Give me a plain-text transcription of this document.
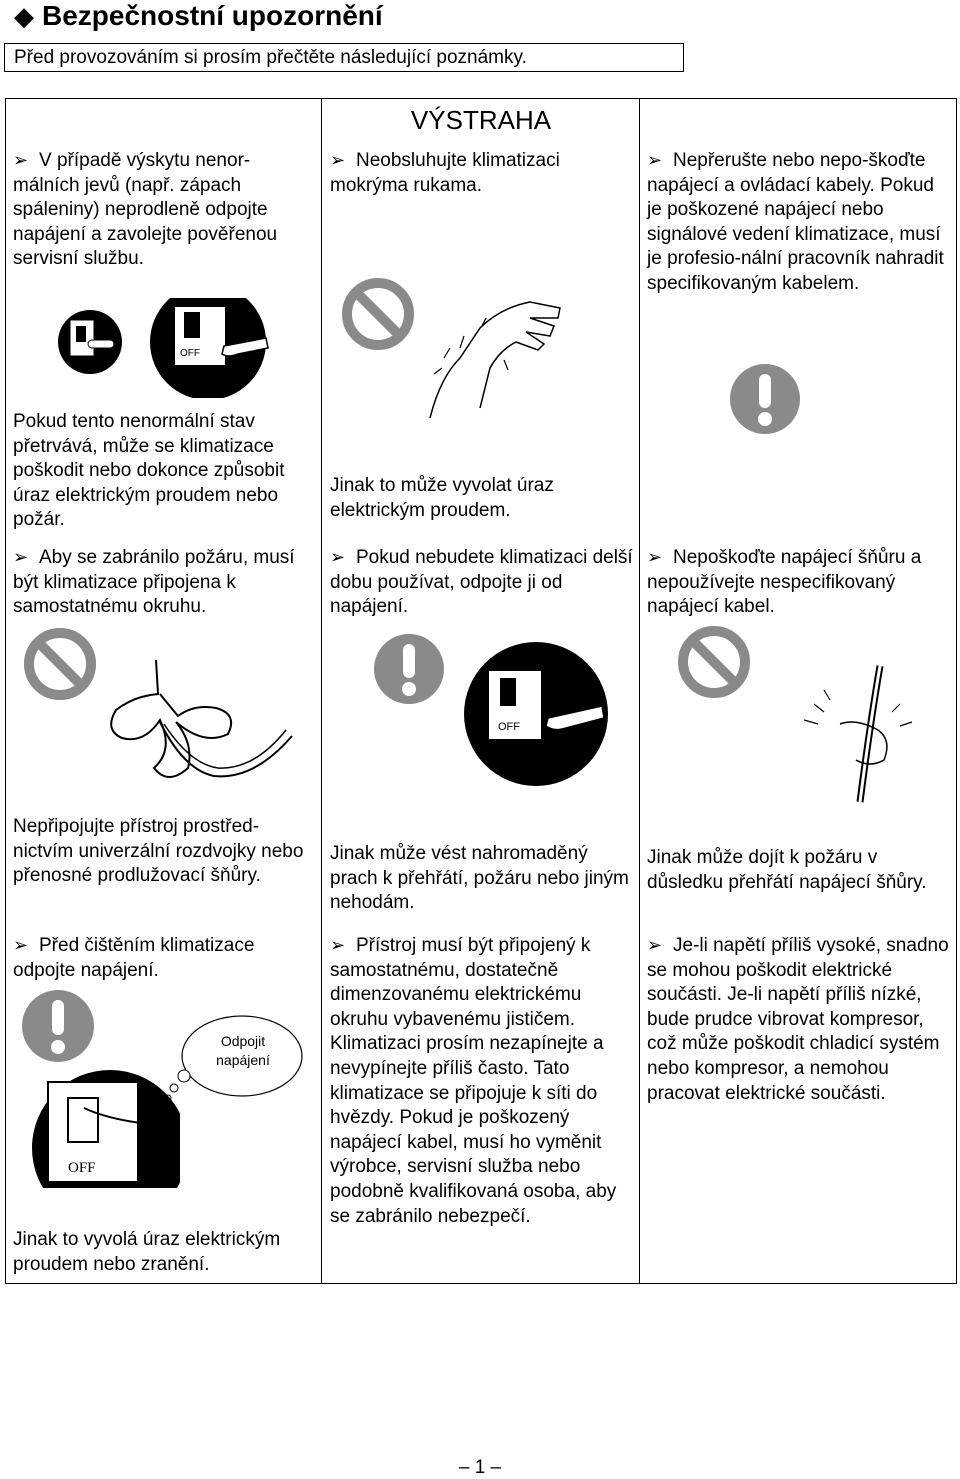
◆ Bezpečnostní upozornění
Před provozováním si prosím přečtěte následující poznámky.
VÝSTRAHA

➢ V případě výskytu nenor-málních jevů (např. zápach spáleniny) neprodleně odpojte napájení a zavolejte pověřenou servisní službu.

Pokud tento nenormální stav přetrvává, může se klimatizace poškodit nebo dokonce způsobit úraz elektrickým proudem nebo požár.

➢ Neobsluhujte klimatizaci mokrýma rukama.

Jinak to může vyvolat úraz elektrickým proudem.

➢ Nepřerušte nebo nepo-škoďte napájecí a ovládací kabely. Pokud je poškozené napájecí nebo signálové vedení klimatizace, musí je profesio-nální pracovník nahradit specifikovaným kabelem.

OFF

➢ Aby se zabránilo požáru, musí být klimatizace připojena k samostatnému okruhu.

Nepřipojujte přístroj prostřed-nictvím univerzální rozdvojky nebo přenosné prodlužovací šňůry.

➢ Pokud nebudete klimatizaci delší dobu používat, odpojte ji od napájení.

Jinak může vést nahromaděný prach k přehřátí, požáru nebo jiným nehodám.

➢ Nepoškoďte napájecí šňůru a nepoužívejte nespecifikovaný napájecí kabel.

Jinak může dojít k požáru v důsledku přehřátí napájecí šňůry.

OFF

➢ Před čištěním klimatizace odpojte napájení.

Odpojit napájení
OFF

Jinak to vyvolá úraz elektrickým proudem nebo zranění.

➢ Přístroj musí být připojený k samostatnému, dostatečně dimenzovanému elektrickému okruhu vybavenému jističem. Klimatizaci prosím nezapínejte a nevypínejte příliš často. Tato klimatizace se připojuje k síti do hvězdy. Pokud je poškozený napájecí kabel, musí ho vyměnit výrobce, servisní služba nebo podobně kvalifikovaná osoba, aby se zabránilo nebezpečí.

➢ Je-li napětí příliš vysoké, snadno se mohou poškodit elektrické součásti. Je-li napětí příliš nízké, bude prudce vibrovat kompresor, což může poškodit chladicí systém nebo kompresor, a nemohou pracovat elektrické součásti.

– 1 –
